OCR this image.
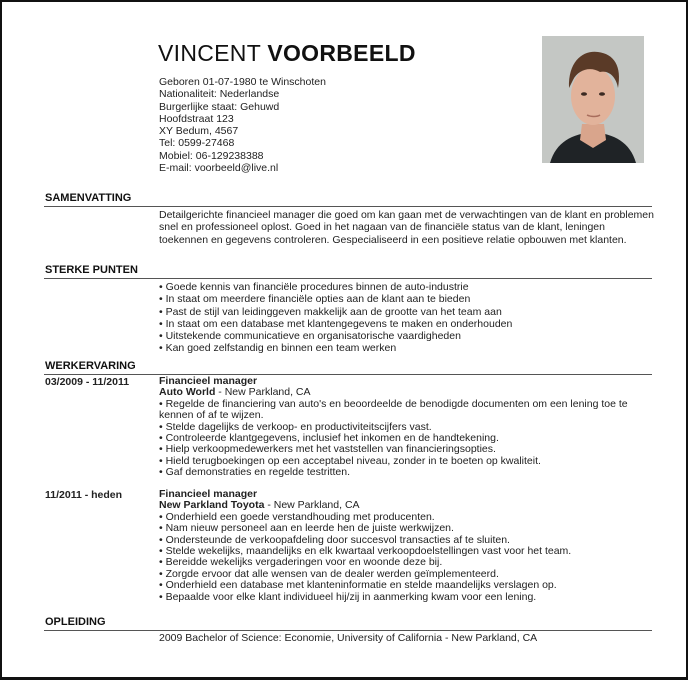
VINCENT VOORBEELD
Geboren 01-07-1980 te Winschoten
Nationaliteit: Nederlandse
Burgerlijke staat: Gehuwd
Hoofdstraat 123
XY Bedum, 4567
Tel: 0599-27468
Mobiel: 06-129238388
E-mail: voorbeeld@live.nl
SAMENVATTING
Detailgerichte financieel manager die goed om kan gaan met de verwachtingen van de klant en problemen snel en professioneel oplost. Goed in het nagaan van de financiële status van de klant, leningen toekennen en gegevens controleren. Gespecialiseerd in een positieve relatie opbouwen met klanten.
STERKE PUNTEN
• Goede kennis van financiële procedures binnen de auto-industrie
• In staat om meerdere financiële opties aan de klant aan te bieden
• Past de stijl van leidinggeven makkelijk aan de grootte van het team aan
• In staat om een database met klantengegevens te maken en onderhouden
• Uitstekende communicatieve en organisatorische vaardigheden
• Kan goed zelfstandig en binnen een team werken
WERKERVARING
03/2009 - 11/2011	Financieel manager
Auto World - New Parkland, CA
• Regelde de financiering van auto's en beoordeelde de benodigde documenten om een lening toe te kennen of af te wijzen.
• Stelde dagelijks de verkoop- en productiviteitscijfers vast.
• Controleerde klantgegevens, inclusief het inkomen en de handtekening.
• Hielp verkoopmedewerkers met het vaststellen van financieringsopties.
• Hield terugboekingen op een acceptabel niveau, zonder in te boeten op kwaliteit.
• Gaf demonstraties en regelde testritten.
11/2011 - heden	Financieel manager
New Parkland Toyota - New Parkland, CA
• Onderhield een goede verstandhouding met producenten.
• Nam nieuw personeel aan en leerde hen de juiste werkwijzen.
• Ondersteunde de verkoopafdeling door succesvol transacties af te sluiten.
• Stelde wekelijks, maandelijks en elk kwartaal verkoopdoelstellingen vast voor het team.
• Bereidde wekelijks vergaderingen voor en woonde deze bij.
• Zorgde ervoor dat alle wensen van de dealer werden geïmplementeerd.
• Onderhield een database met klanteninformatie en stelde maandelijks verslagen op.
• Bepaalde voor elke klant individueel hij/zij in aanmerking kwam voor een lening.
OPLEIDING
2009 Bachelor of Science: Economie, University of California - New Parkland, CA
